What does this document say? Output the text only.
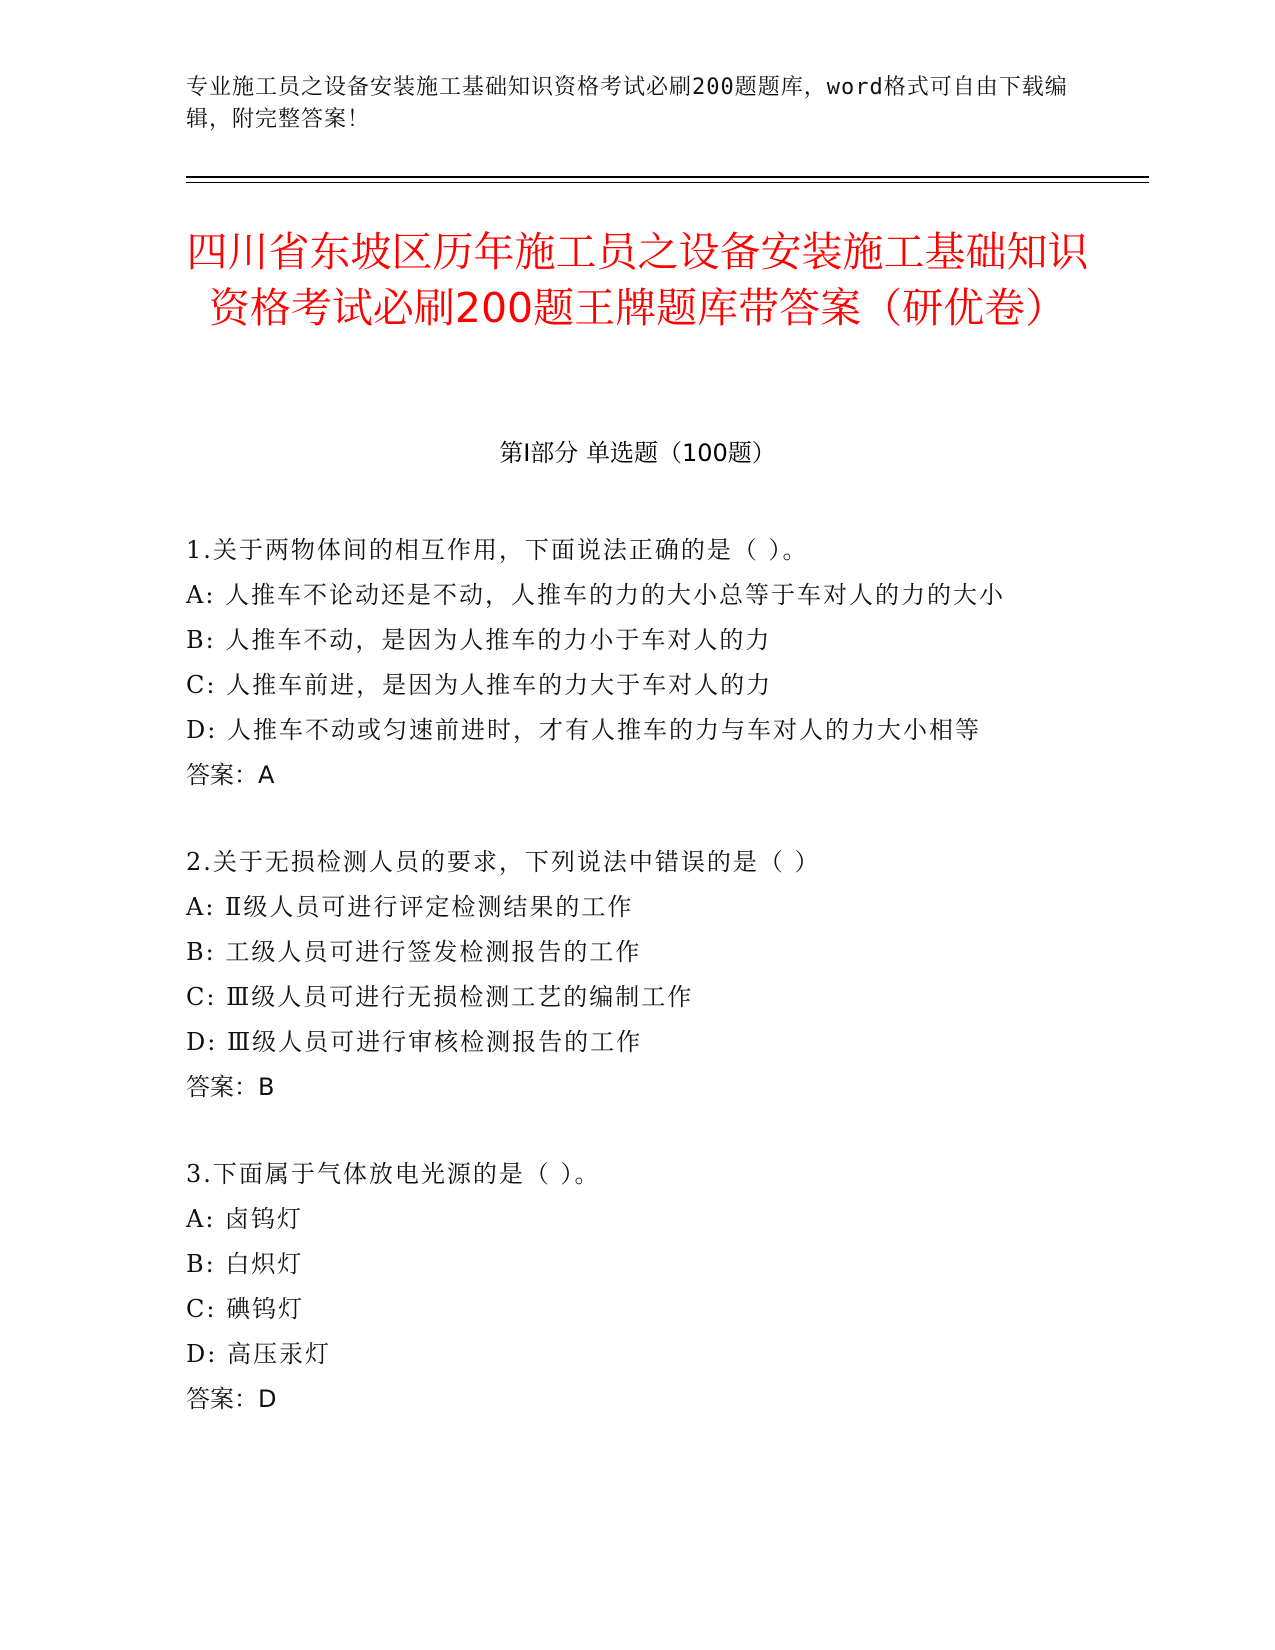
专业施工员之设备安装施工基础知识资格考试必刷200题题库，word格式可自由下载编辑，附完整答案！
四川省东坡区历年施工员之设备安装施工基础知识资格考试必刷200题王牌题库带答案（研优卷）
第Ⅰ部分 单选题（100题）
1.关于两物体间的相互作用，下面说法正确的是（ ）。
A: 人推车不论动还是不动，人推车的力的大小总等于车对人的力的大小
B: 人推车不动，是因为人推车的力小于车对人的力
C: 人推车前进，是因为人推车的力大于车对人的力
D: 人推车不动或匀速前进时，才有人推车的力与车对人的力大小相等
答案：A
2.关于无损检测人员的要求，下列说法中错误的是（ ）
A: Ⅱ级人员可进行评定检测结果的工作
B: 工级人员可进行签发检测报告的工作
C: Ⅲ级人员可进行无损检测工艺的编制工作
D: Ⅲ级人员可进行审核检测报告的工作
答案：B
3.下面属于气体放电光源的是（ ）。
A: 卤钨灯
B: 白炽灯
C: 碘钨灯
D: 高压汞灯
答案：D
